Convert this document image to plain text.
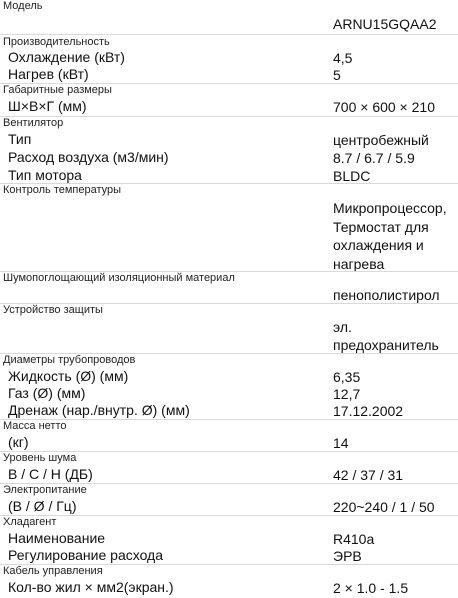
Модель
ARNU15GQAA2
Производительность
Охлаждение (кВт)	4,5
Нагрев (кВт)	5
Габаритные размеры
Ш×В×Г (мм)	700 × 600 × 210
Вентилятор
Тип	центробежный
Расход воздуха (м3/мин)	8.7 / 6.7 / 5.9
Тип мотора	BLDC
Контроль температуры
Микропроцессор,
Термостат для
охлаждения и
нагрева
Шумопоглощающий изоляционный материал
пенополистирол
Устройство защиты
эл.
предохранитель
Диаметры трубопроводов
Жидкость (Ø) (мм)	6,35
Газ (Ø) (мм)	12,7
Дренаж (нар./внутр. Ø) (мм)	17.12.2002
Масса нетто
(кг)	14
Уровень шума
В / С / Н (ДБ)	42 / 37 / 31
Электропитание
(В / Ø / Гц)	220~240 / 1 / 50
Хладагент
Наименование	R410a
Регулирование расхода	ЭРВ
Кабель управления
Кол-во жил × мм2(экран.)	2 × 1.0 - 1.5
